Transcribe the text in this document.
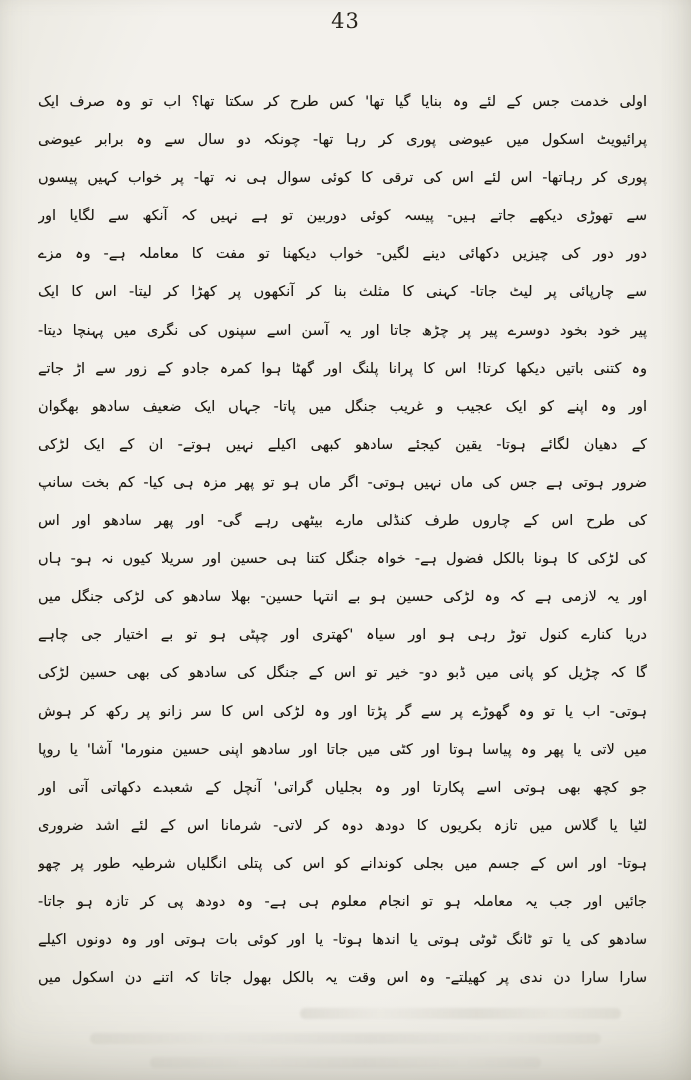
43
اولی خدمت جس کے لئے وہ بنایا گیا تھا' کس طرح کر سکتا تھا؟ اب تو وہ صرف ایک
پرائیویٹ اسکول میں عیوضی پوری کر رہا تھا- چونکہ دو سال سے وہ برابر عیوضی
پوری کر رہاتھا- اس لئے اس کی ترقی کا کوئی سوال ہی نہ تھا- پر خواب کہیں پیسوں
سے تھوڑی دیکھے جاتے ہیں- پیسہ کوئی دوربین تو ہے نہیں کہ آنکھ سے لگایا اور
دور دور کی چیزیں دکھائی دینے لگیں- خواب دیکھنا تو مفت کا معاملہ ہے- وہ مزے
سے چارپائی پر لیٹ جاتا- کہنی کا مثلث بنا کر آنکھوں پر کھڑا کر لیتا- اس کا ایک
پیر خود بخود دوسرے پیر پر چڑھ جاتا اور یہ آسن اسے سپنوں کی نگری میں پہنچا دیتا-
وہ کتنی باتیں دیکھا کرتا! اس کا پرانا پلنگ اور گھٹا ہوا کمرہ جادو کے زور سے اڑ جاتے
اور وہ اپنے کو ایک عجیب و غریب جنگل میں پاتا- جہاں ایک ضعیف سادھو بھگوان
کے دھیان لگائے ہوتا- یقین کیجئے سادھو کبھی اکیلے نہیں ہوتے- ان کے ایک لڑکی
ضرور ہوتی ہے جس کی ماں نہیں ہوتی- اگر ماں ہو تو پھر مزہ ہی کیا- کم بخت سانپ
کی طرح اس کے چاروں طرف کنڈلی مارے بیٹھی رہے گی- اور پھر سادھو اور اس
کی لڑکی کا ہونا بالکل فضول ہے- خواہ جنگل کتنا ہی حسین اور سریلا کیوں نہ ہو- ہاں
اور یہ لازمی ہے کہ وہ لڑکی حسین ہو بے انتہا حسین- بھلا سادھو کی لڑکی جنگل میں
دریا کنارے کنول توڑ رہی ہو اور سیاہ 'کھتری اور چپٹی ہو تو بے اختیار جی چاہے
گا کہ چڑیل کو پانی میں ڈبو دو- خیر تو اس کے جنگل کی سادھو کی بھی حسین لڑکی
ہوتی- اب یا تو وہ گھوڑے پر سے گر پڑتا اور وہ لڑکی اس کا سر زانو پر رکھ کر ہوش
میں لاتی یا پھر وہ پیاسا ہوتا اور کٹی میں جاتا اور سادھو اپنی حسین منورما' آشا' یا روپا
جو کچھ بھی ہوتی اسے پکارتا اور وہ بجلیاں گراتی' آنچل کے شعبدے دکھاتی آتی اور
لٹیا یا گلاس میں تازہ بکریوں کا دودھ دوہ کر لاتی- شرمانا اس کے لئے اشد ضروری
ہوتا- اور اس کے جسم میں بجلی کوندانے کو اس کی پتلی انگلیاں شرطیہ طور پر چھو
جائیں اور جب یہ معاملہ ہو تو انجام معلوم ہی ہے- وہ دودھ پی کر تازہ ہو جاتا-
سادھو کی یا تو ٹانگ ٹوٹی ہوتی یا اندھا ہوتا- یا اور کوئی بات ہوتی اور وہ دونوں اکیلے
سارا سارا دن ندی پر کھیلتے- وہ اس وقت یہ بالکل بھول جاتا کہ اتنے دن اسکول میں
